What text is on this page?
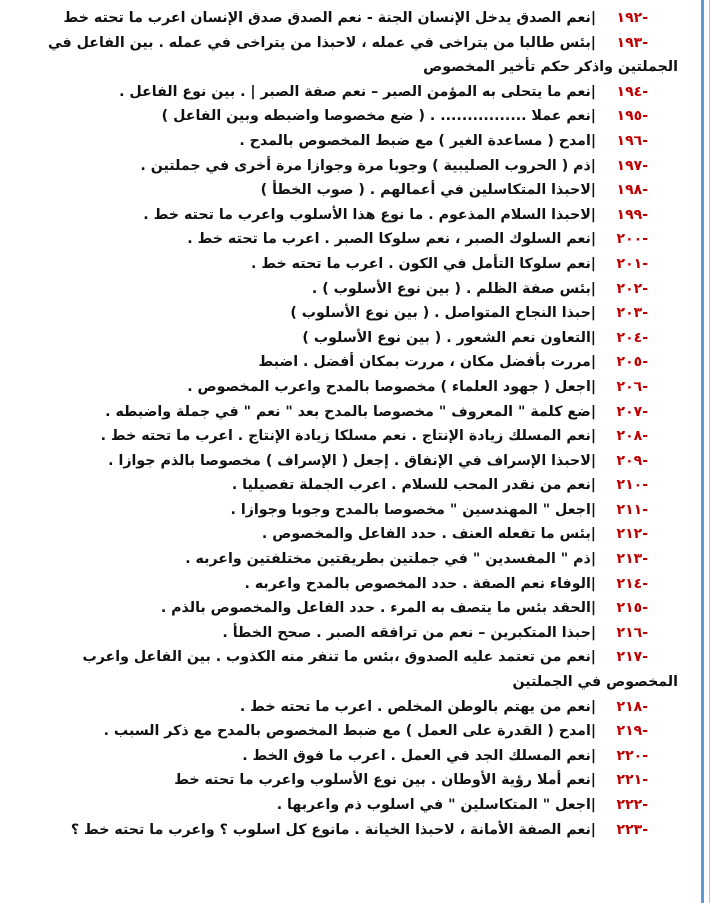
-١٩٢
|نعم الصدق يدخل الإنسان الجنة - نعم الصدق صدق الإنسان اعرب ما تحته خط
-١٩٣
|بئس طالبا من يتراخى في عمله ، لاحبذا من يتراخى في عمله . بين الفاعل في
الجملتين واذكر حكم تأخير المخصوص
-١٩٤
|نعم ما يتحلى به المؤمن الصبر – نعم صفة الصبر | . بين نوع الفاعل .
-١٩٥
|نعم عملا ................ . ( ضع مخصوصا واضبطه وبين الفاعل )
-١٩٦
|امدح ( مساعدة الغير ) مع ضبط المخصوص بالمدح .
-١٩٧
|ذم ( الحروب الصليبية ) وجوبا مرة وجوازا مرة أخرى في جملتين .
-١٩٨
|لاحبذا المتكاسلين في أعمالهم . ( صوب الخطأ )
-١٩٩
|لاحبذا السلام المذعوم . ما نوع هذا الأسلوب واعرب ما تحته خط .
-٢٠٠
|نعم السلوك الصبر ، نعم سلوكا الصبر . اعرب ما تحته خط .
-٢٠١
|نعم سلوكا التأمل في الكون . اعرب ما تحته خط .
-٢٠٢
|بئس صفة الظلم . ( بين نوع الأسلوب ) .
-٢٠٣
|حبذا النجاح المتواصل . ( بين نوع الأسلوب )
-٢٠٤
|التعاون نعم الشعور . ( بين نوع الأسلوب )
-٢٠٥
|مررت بأفضل مكان ، مررت بمكان أفضل . اضبط
-٢٠٦
|اجعل ( جهود العلماء ) مخصوصا بالمدح واعرب المخصوص .
-٢٠٧
|ضع كلمة " المعروف " مخصوصا بالمدح بعد " نعم " في جملة واضبطه .
-٢٠٨
|نعم المسلك زيادة الإنتاج . نعم مسلكا زيادة الإنتاج . اعرب ما تحته خط .
-٢٠٩
|لاحبذا الإسراف في الإنفاق . إجعل ( الإسراف ) مخصوصا بالذم جوازا .
-٢١٠
|نعم من نقدر المحب للسلام . اعرب الجملة تفصيليا .
-٢١١
|اجعل " المهندسين " مخصوصا بالمدح وجوبا وجوازا .
-٢١٢
|بئس ما تفعله العنف . حدد الفاعل والمخصوص .
-٢١٣
|ذم " المفسدين " في جملتين بطريقتين مختلفتين واعربه .
-٢١٤
|الوفاء نعم الصفة . حدد المخصوص بالمدح واعربه .
-٢١٥
|الحقد بئس ما يتصف به المرء . حدد الفاعل والمخصوص بالذم .
-٢١٦
|حبذا المتكبرين – نعم من ترافقه الصبر . صحح الخطأ .
-٢١٧
|نعم من تعتمد عليه الصدوق ،بئس ما تنفر منه الكذوب . بين الفاعل واعرب
المخصوص في الجملتين
-٢١٨
|نعم من يهتم بالوطن المخلص . اعرب ما تحته خط .
-٢١٩
|امدح ( القدرة على العمل ) مع ضبط المخصوص بالمدح مع ذكر السبب .
-٢٢٠
|نعم المسلك الجد في العمل . اعرب ما فوق الخط .
-٢٢١
|نعم أملا رؤية الأوطان . بين نوع الأسلوب واعرب ما تحته خط
-٢٢٢
|اجعل " المتكاسلين " في اسلوب ذم واعربها .
-٢٢٣
|نعم الصفة الأمانة ، لاحبذا الخيانة . مانوع كل اسلوب ؟ واعرب ما تحته خط ؟
